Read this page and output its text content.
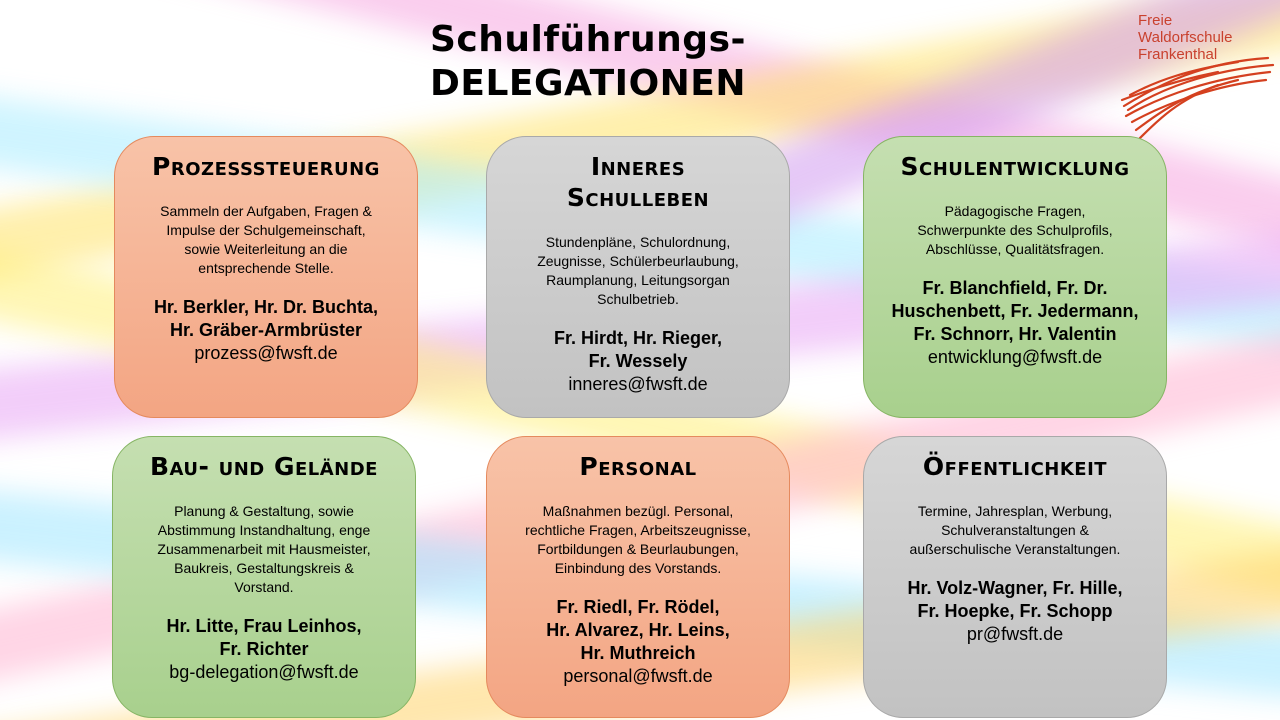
Schulführungs-
DELEGATIONEN
Freie
Waldorfschule
Frankenthal
Prozesssteuerung
Sammeln der Aufgaben, Fragen &
Impulse der Schulgemeinschaft,
sowie Weiterleitung an die
entsprechende Stelle.
Hr. Berkler, Hr. Dr. Buchta,
Hr. Gräber-Armbrüster
prozess@fwsft.de
Inneres
Schulleben
Stundenpläne, Schulordnung,
Zeugnisse, Schülerbeurlaubung,
Raumplanung, Leitungsorgan
Schulbetrieb.
Fr. Hirdt, Hr. Rieger,
Fr. Wessely
inneres@fwsft.de
Schulentwicklung
Pädagogische Fragen,
Schwerpunkte des Schulprofils,
Abschlüsse, Qualitätsfragen.
Fr. Blanchfield, Fr. Dr.
Huschenbett, Fr. Jedermann,
Fr. Schnorr, Hr. Valentin
entwicklung@fwsft.de
Bau- und Gelände
Planung & Gestaltung, sowie
Abstimmung Instandhaltung, enge
Zusammenarbeit mit Hausmeister,
Baukreis, Gestaltungskreis &
Vorstand.
Hr. Litte, Frau Leinhos,
Fr. Richter
bg-delegation@fwsft.de
Personal
Maßnahmen bezügl. Personal,
rechtliche Fragen, Arbeitszeugnisse,
Fortbildungen & Beurlaubungen,
Einbindung des Vorstands.
Fr. Riedl, Fr. Rödel,
Hr. Alvarez, Hr. Leins,
Hr. Muthreich
personal@fwsft.de
Öffentlichkeit
Termine, Jahresplan, Werbung,
Schulveranstaltungen &
außerschulische Veranstaltungen.
Hr. Volz-Wagner, Fr. Hille,
Fr. Hoepke, Fr. Schopp
pr@fwsft.de
